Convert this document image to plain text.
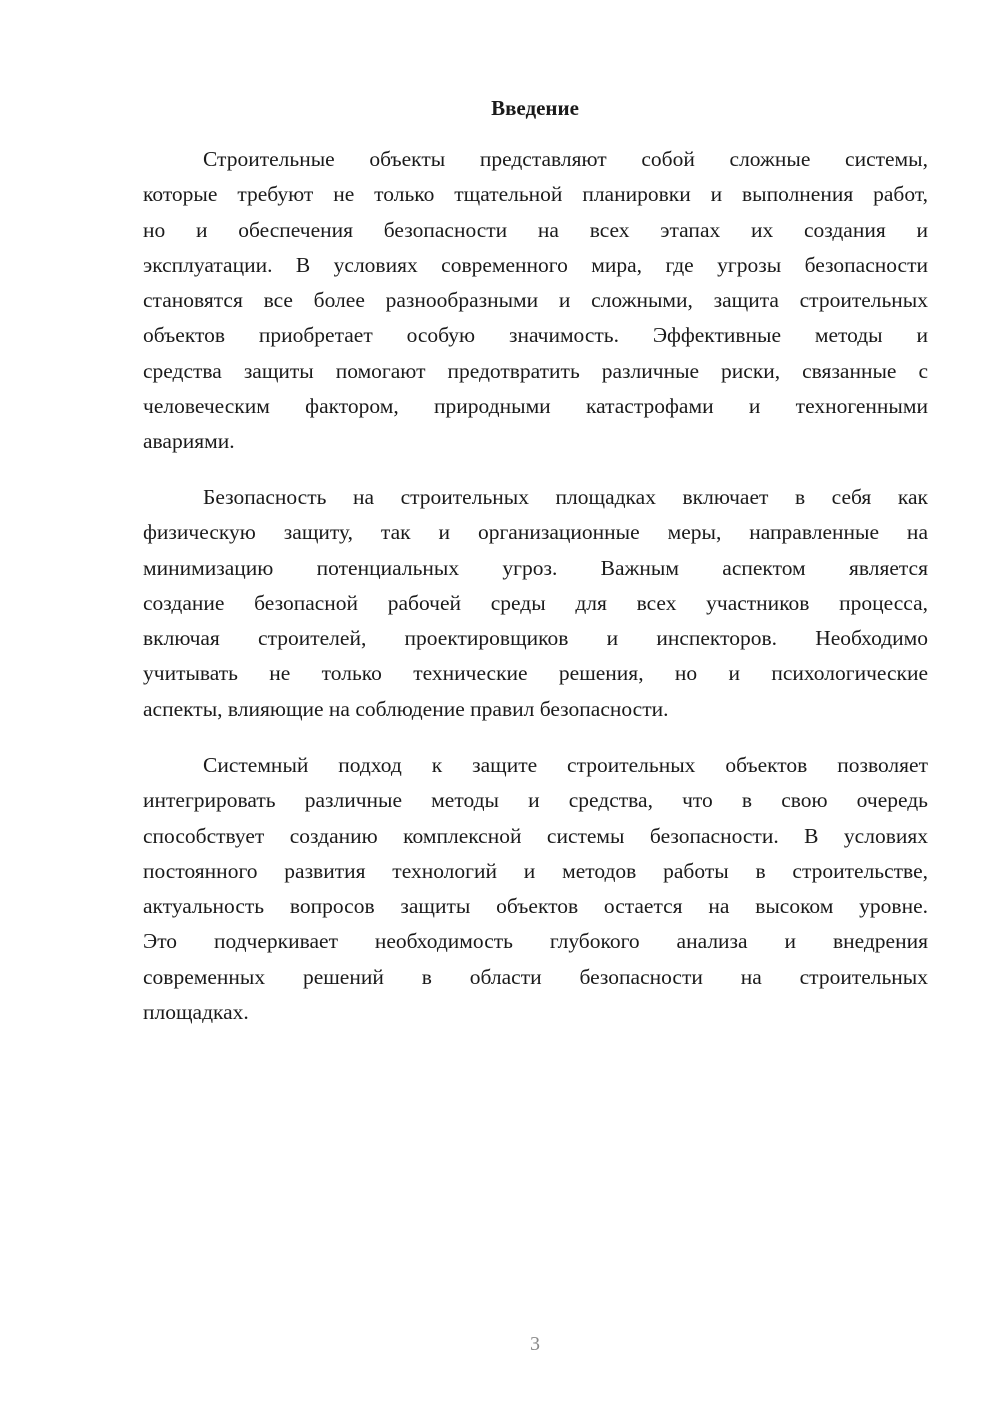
Введение
Строительные объекты представляют собой сложные системы,
которые требуют не только тщательной планировки и выполнения работ,
но и обеспечения безопасности на всех этапах их создания и
эксплуатации. В условиях современного мира, где угрозы безопасности
становятся все более разнообразными и сложными, защита строительных
объектов приобретает особую значимость. Эффективные методы и
средства защиты помогают предотвратить различные риски, связанные с
человеческим фактором, природными катастрофами и техногенными
авариями.
Безопасность на строительных площадках включает в себя как
физическую защиту, так и организационные меры, направленные на
минимизацию потенциальных угроз. Важным аспектом является
создание безопасной рабочей среды для всех участников процесса,
включая строителей, проектировщиков и инспекторов. Необходимо
учитывать не только технические решения, но и психологические
аспекты, влияющие на соблюдение правил безопасности.
Системный подход к защите строительных объектов позволяет
интегрировать различные методы и средства, что в свою очередь
способствует созданию комплексной системы безопасности. В условиях
постоянного развития технологий и методов работы в строительстве,
актуальность вопросов защиты объектов остается на высоком уровне.
Это подчеркивает необходимость глубокого анализа и внедрения
современных решений в области безопасности на строительных
площадках.
3
